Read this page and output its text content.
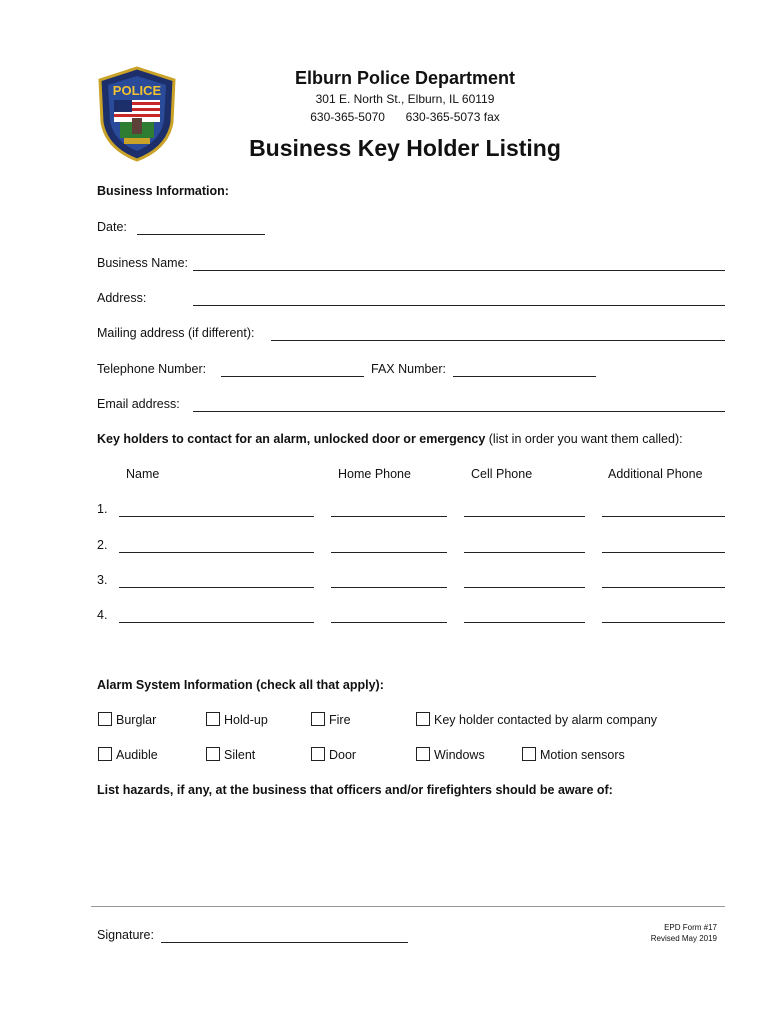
POLICE
Elburn Police Department
301 E. North St., Elburn, IL 60119
630-365-5070 630-365-5073 fax
Business Key Holder Listing
Business Information:
Date:
Business Name:
Address:
Mailing address (if different):
Telephone Number:	FAX Number:
Email address:
Key holders to contact for an alarm, unlocked door or emergency (list in order you want them called):
Name	Home Phone	Cell Phone	Additional Phone
1.
2.
3.
4.
Alarm System Information (check all that apply):
Burglar	Hold-up	Fire	Key holder contacted by alarm company
Audible	Silent	Door	Windows	Motion sensors
List hazards, if any, at the business that officers and/or firefighters should be aware of:
Signature:
EPD Form #17
Revised May 2019
